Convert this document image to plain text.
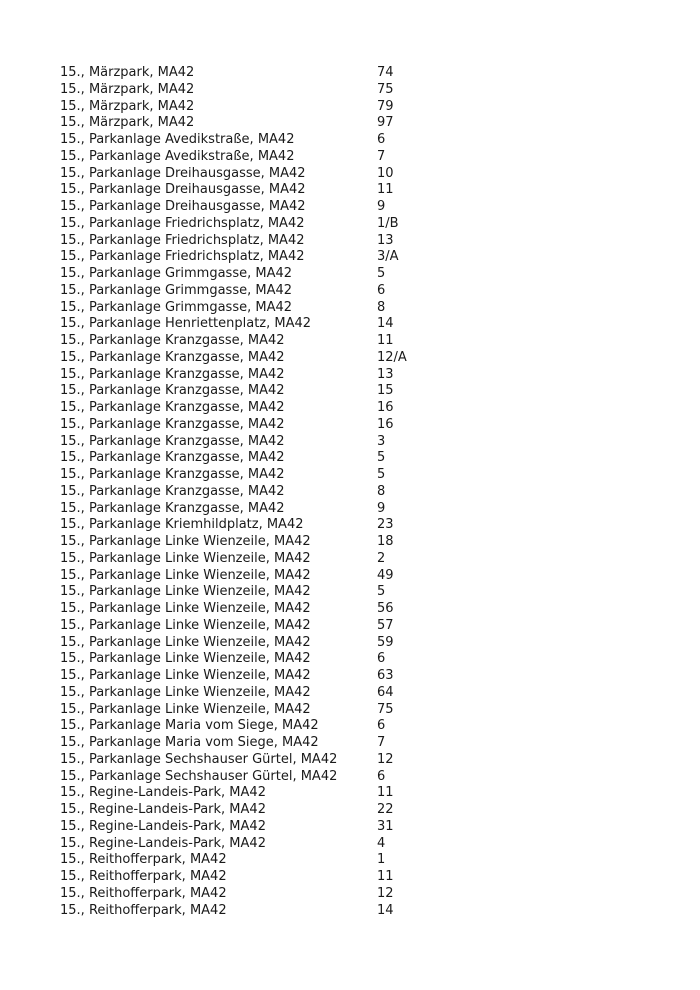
15., Märzpark, MA42	74
15., Märzpark, MA42	75
15., Märzpark, MA42	79
15., Märzpark, MA42	97
15., Parkanlage Avedikstraße, MA42	6
15., Parkanlage Avedikstraße, MA42	7
15., Parkanlage Dreihausgasse, MA42	10
15., Parkanlage Dreihausgasse, MA42	11
15., Parkanlage Dreihausgasse, MA42	9
15., Parkanlage Friedrichsplatz, MA42	1/B
15., Parkanlage Friedrichsplatz, MA42	13
15., Parkanlage Friedrichsplatz, MA42	3/A
15., Parkanlage Grimmgasse, MA42	5
15., Parkanlage Grimmgasse, MA42	6
15., Parkanlage Grimmgasse, MA42	8
15., Parkanlage Henriettenplatz, MA42	14
15., Parkanlage Kranzgasse, MA42	11
15., Parkanlage Kranzgasse, MA42	12/A
15., Parkanlage Kranzgasse, MA42	13
15., Parkanlage Kranzgasse, MA42	15
15., Parkanlage Kranzgasse, MA42	16
15., Parkanlage Kranzgasse, MA42	16
15., Parkanlage Kranzgasse, MA42	3
15., Parkanlage Kranzgasse, MA42	5
15., Parkanlage Kranzgasse, MA42	5
15., Parkanlage Kranzgasse, MA42	8
15., Parkanlage Kranzgasse, MA42	9
15., Parkanlage Kriemhildplatz, MA42	23
15., Parkanlage Linke Wienzeile, MA42	18
15., Parkanlage Linke Wienzeile, MA42	2
15., Parkanlage Linke Wienzeile, MA42	49
15., Parkanlage Linke Wienzeile, MA42	5
15., Parkanlage Linke Wienzeile, MA42	56
15., Parkanlage Linke Wienzeile, MA42	57
15., Parkanlage Linke Wienzeile, MA42	59
15., Parkanlage Linke Wienzeile, MA42	6
15., Parkanlage Linke Wienzeile, MA42	63
15., Parkanlage Linke Wienzeile, MA42	64
15., Parkanlage Linke Wienzeile, MA42	75
15., Parkanlage Maria vom Siege, MA42	6
15., Parkanlage Maria vom Siege, MA42	7
15., Parkanlage Sechshauser Gürtel, MA42	12
15., Parkanlage Sechshauser Gürtel, MA42	6
15., Regine-Landeis-Park, MA42	11
15., Regine-Landeis-Park, MA42	22
15., Regine-Landeis-Park, MA42	31
15., Regine-Landeis-Park, MA42	4
15., Reithofferpark, MA42	1
15., Reithofferpark, MA42	11
15., Reithofferpark, MA42	12
15., Reithofferpark, MA42	14
